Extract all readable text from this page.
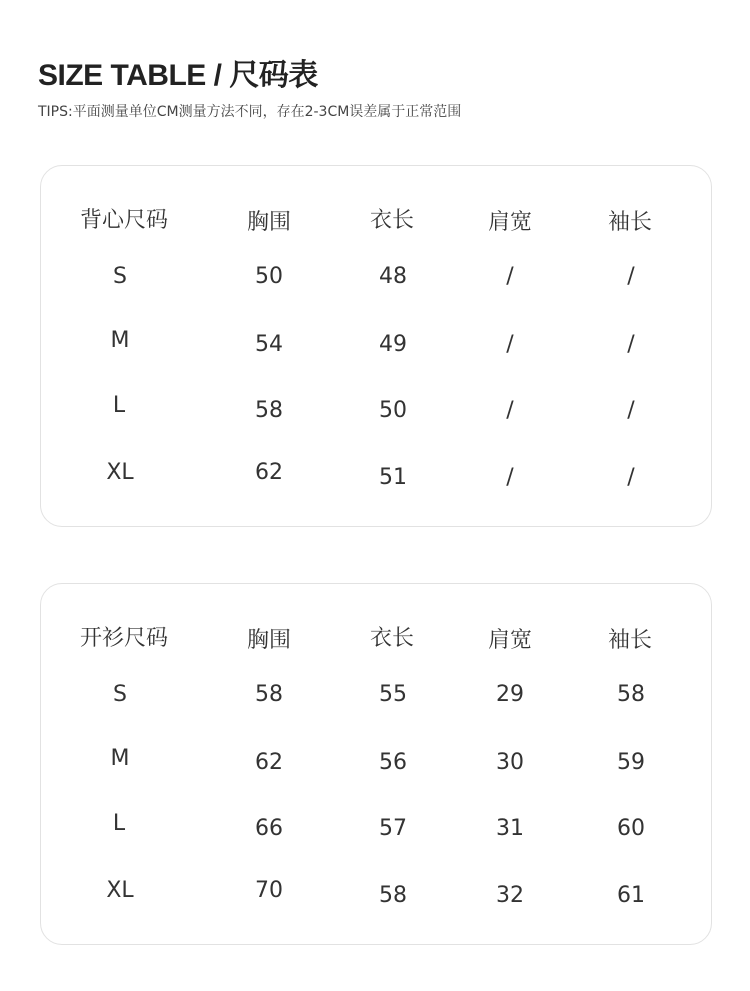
SIZE TABLE / 尺码表
TIPS:平面测量单位CM测量方法不同，存在2-3CM误差属于正常范围
背心尺码	胸围	衣长	肩宽	袖长
S	50	48	/	/
M	54	49	/	/
L	58	50	/	/
XL	62	51	/	/
开衫尺码	胸围	衣长	肩宽	袖长
S	58	55	29	58
M	62	56	30	59
L	66	57	31	60
XL	70	58	32	61
